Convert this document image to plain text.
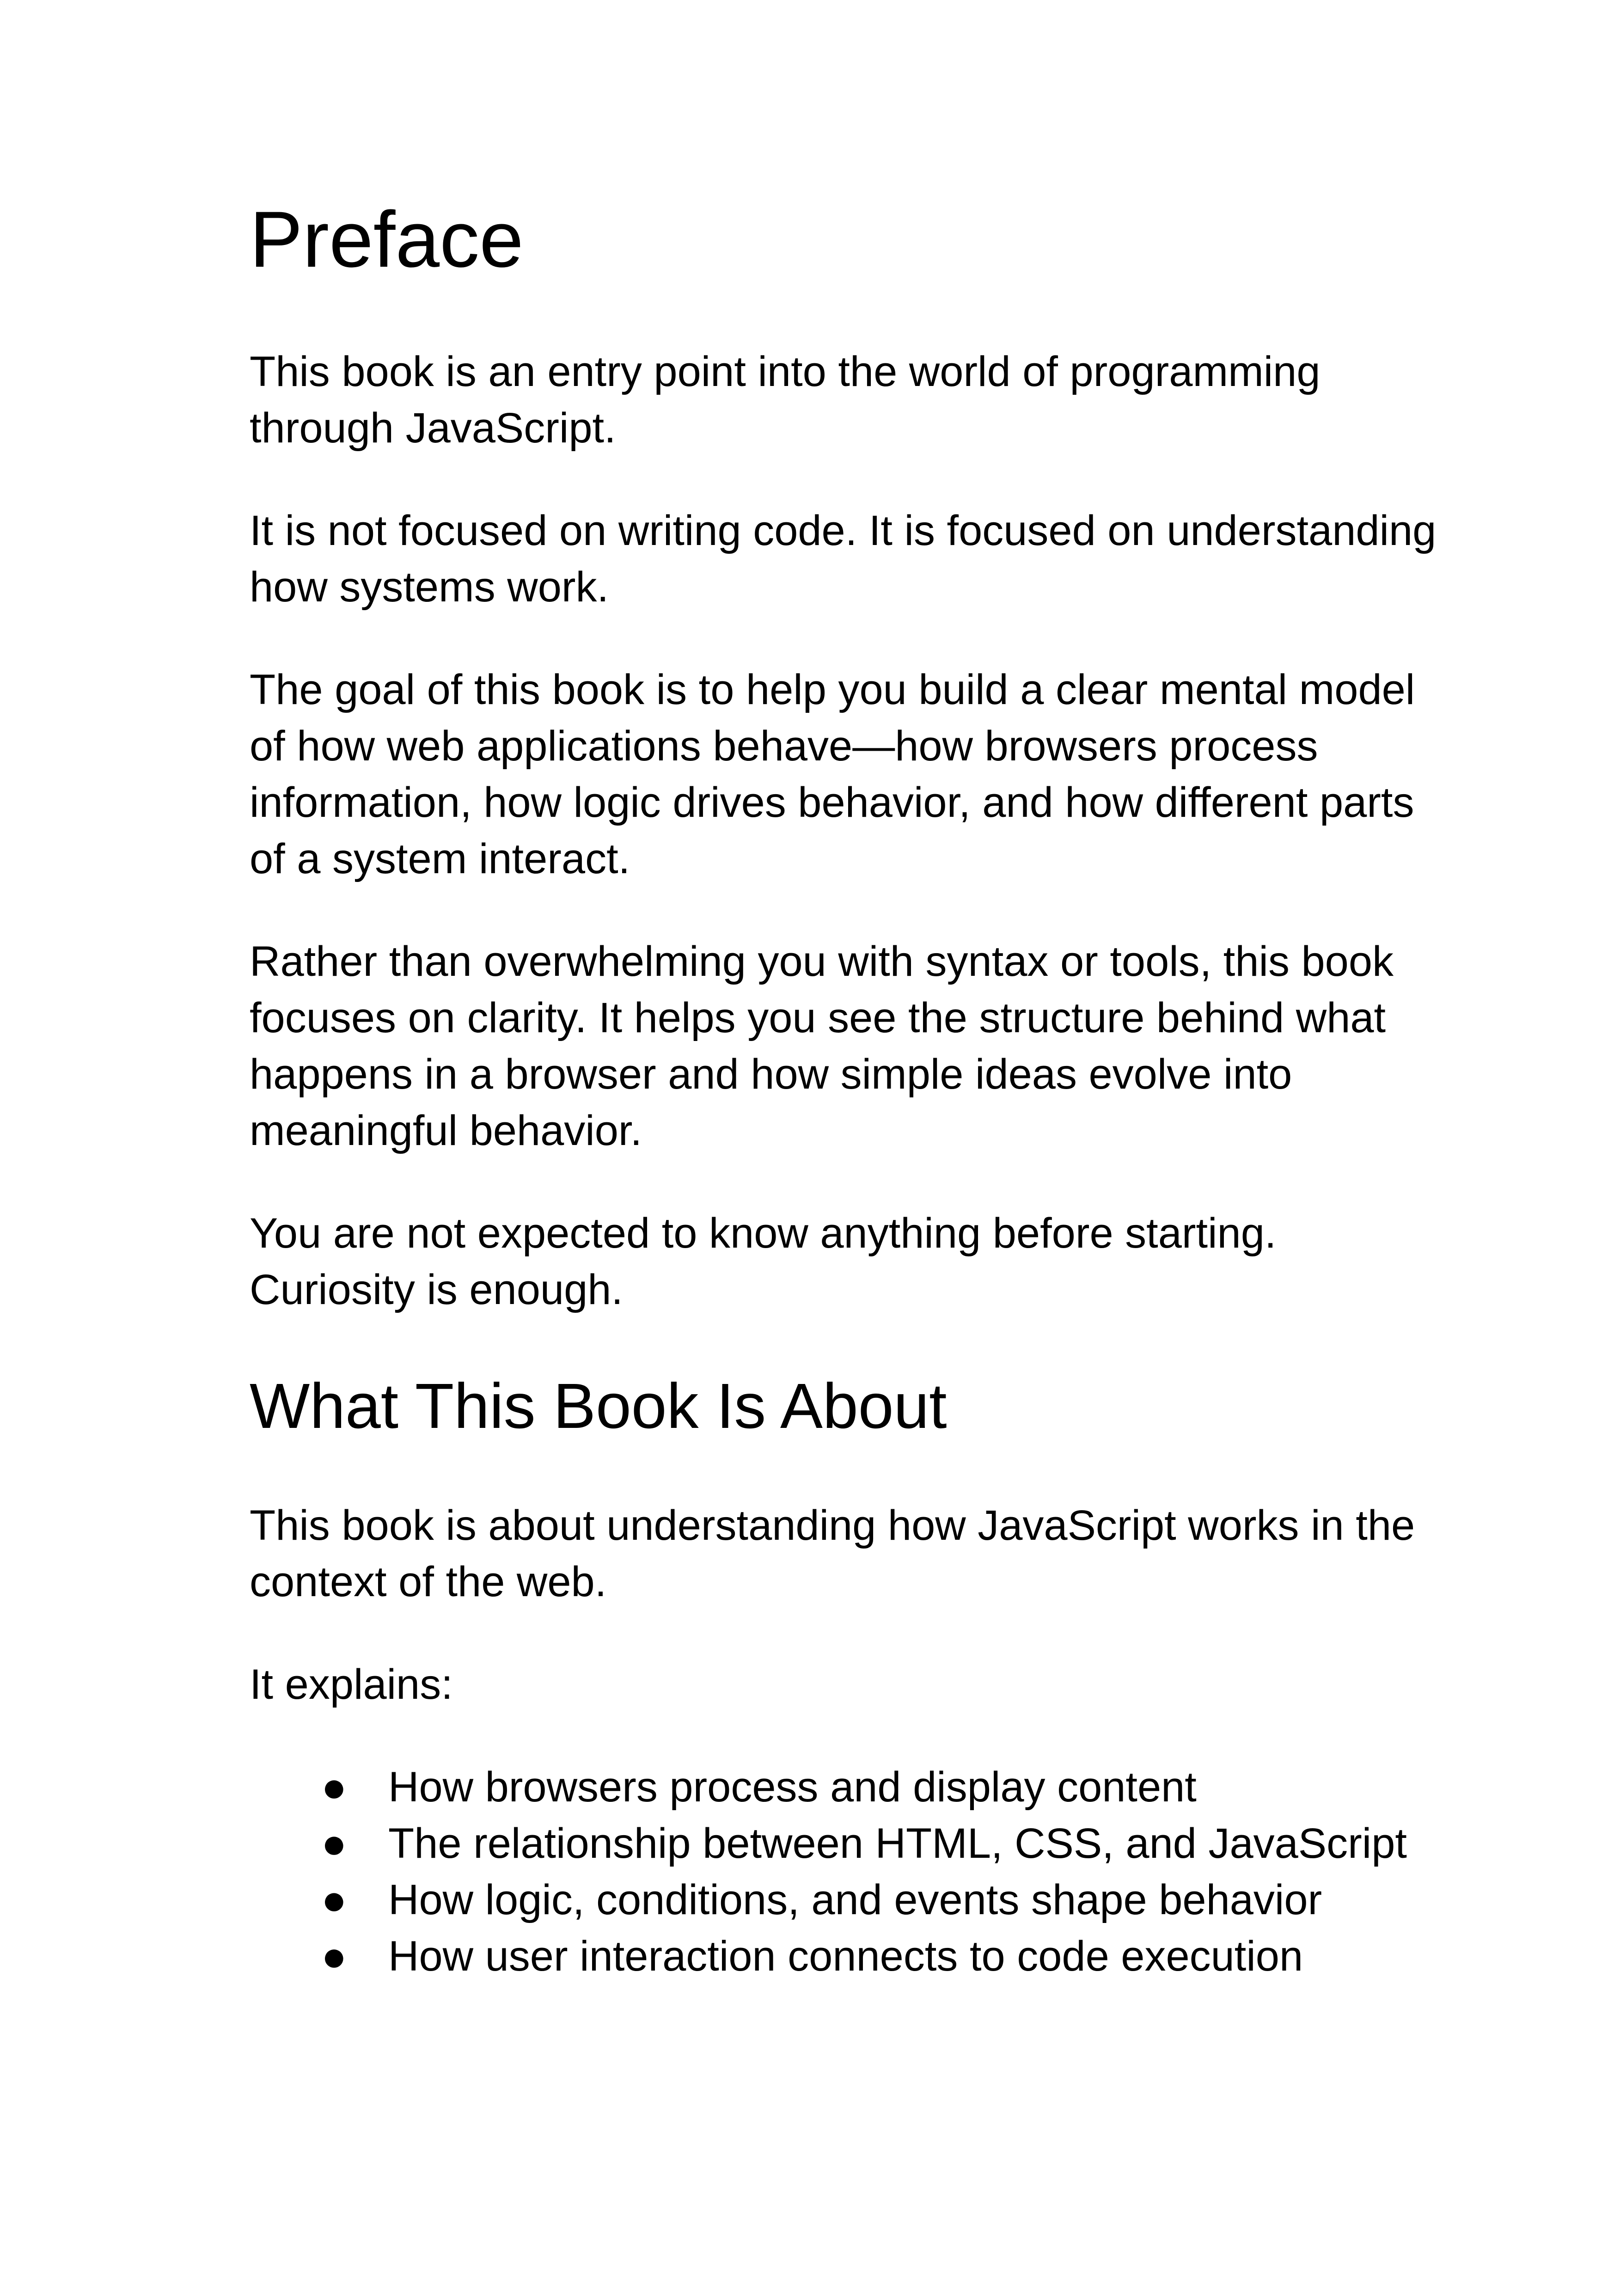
Preface

This book is an entry point into the world of programming through JavaScript.

It is not focused on writing code. It is focused on understanding how systems work.

The goal of this book is to help you build a clear mental model of how web applications behave—how browsers process information, how logic drives behavior, and how different parts of a system interact.

Rather than overwhelming you with syntax or tools, this book focuses on clarity. It helps you see the structure behind what happens in a browser and how simple ideas evolve into meaningful behavior.

You are not expected to know anything before starting. Curiosity is enough.

What This Book Is About

This book is about understanding how JavaScript works in the context of the web.

It explains:

● How browsers process and display content
● The relationship between HTML, CSS, and JavaScript
● How logic, conditions, and events shape behavior
● How user interaction connects to code execution
